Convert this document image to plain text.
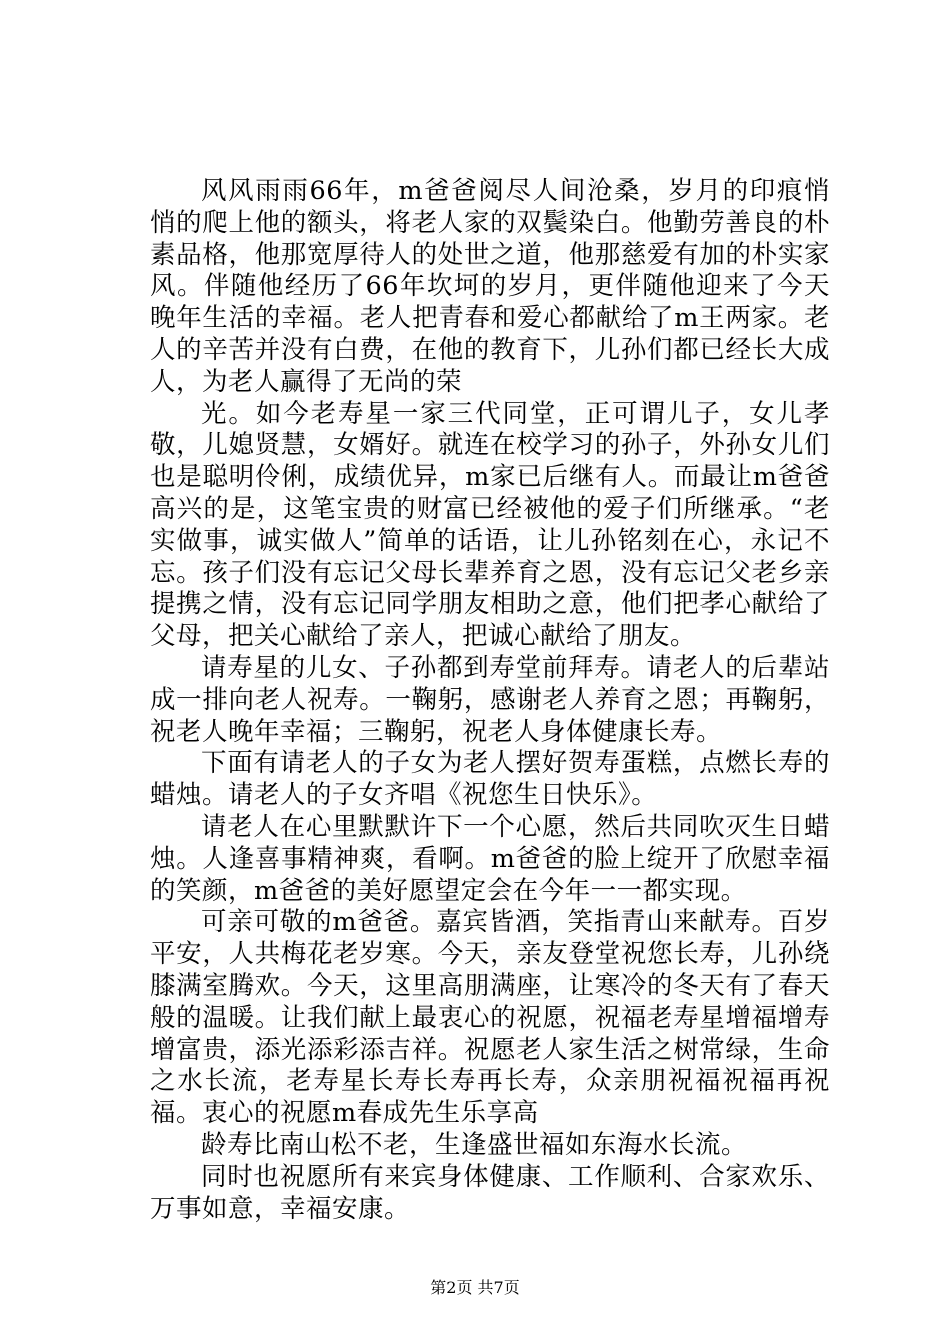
风风雨雨66年，m爸爸阅尽人间沧桑，岁月的印痕悄悄的爬上他的额头，将老人家的双鬓染白。他勤劳善良的朴素品格，他那宽厚待人的处世之道，他那慈爱有加的朴实家风。伴随他经历了66年坎坷的岁月，更伴随他迎来了今天晚年生活的幸福。老人把青春和爱心都献给了m王两家。老人的辛苦并没有白费，在他的教育下，儿孙们都已经长大成人，为老人赢得了无尚的荣

光。如今老寿星一家三代同堂，正可谓儿子，女儿孝敬，儿媳贤慧，女婿好。就连在校学习的孙子，外孙女儿们也是聪明伶俐，成绩优异，m家已后继有人。而最让m爸爸高兴的是，这笔宝贵的财富已经被他的爱子们所继承。“老实做事，诚实做人”简单的话语，让儿孙铭刻在心，永记不忘。孩子们没有忘记父母长辈养育之恩，没有忘记父老乡亲提携之情，没有忘记同学朋友相助之意，他们把孝心献给了父母，把关心献给了亲人，把诚心献给了朋友。

请寿星的儿女、子孙都到寿堂前拜寿。请老人的后辈站成一排向老人祝寿。一鞠躬，感谢老人养育之恩；再鞠躬，祝老人晚年幸福；三鞠躬，祝老人身体健康长寿。

下面有请老人的子女为老人摆好贺寿蛋糕，点燃长寿的蜡烛。请老人的子女齐唱《祝您生日快乐》。

请老人在心里默默许下一个心愿，然后共同吹灭生日蜡烛。人逢喜事精神爽，看啊。m爸爸的脸上绽开了欣慰幸福的笑颜，m爸爸的美好愿望定会在今年一一都实现。

可亲可敬的m爸爸。嘉宾皆酒，笑指青山来献寿。百岁平安，人共梅花老岁寒。今天，亲友登堂祝您长寿，儿孙绕膝满室腾欢。今天，这里高朋满座，让寒冷的冬天有了春天般的温暖。让我们献上最衷心的祝愿，祝福老寿星增福增寿增富贵，添光添彩添吉祥。祝愿老人家生活之树常绿，生命之水长流，老寿星长寿长寿再长寿，众亲朋祝福祝福再祝福。衷心的祝愿m春成先生乐享高

龄寿比南山松不老，生逢盛世福如东海水长流。

同时也祝愿所有来宾身体健康、工作顺利、合家欢乐、万事如意，幸福安康。

第2页 共7页
